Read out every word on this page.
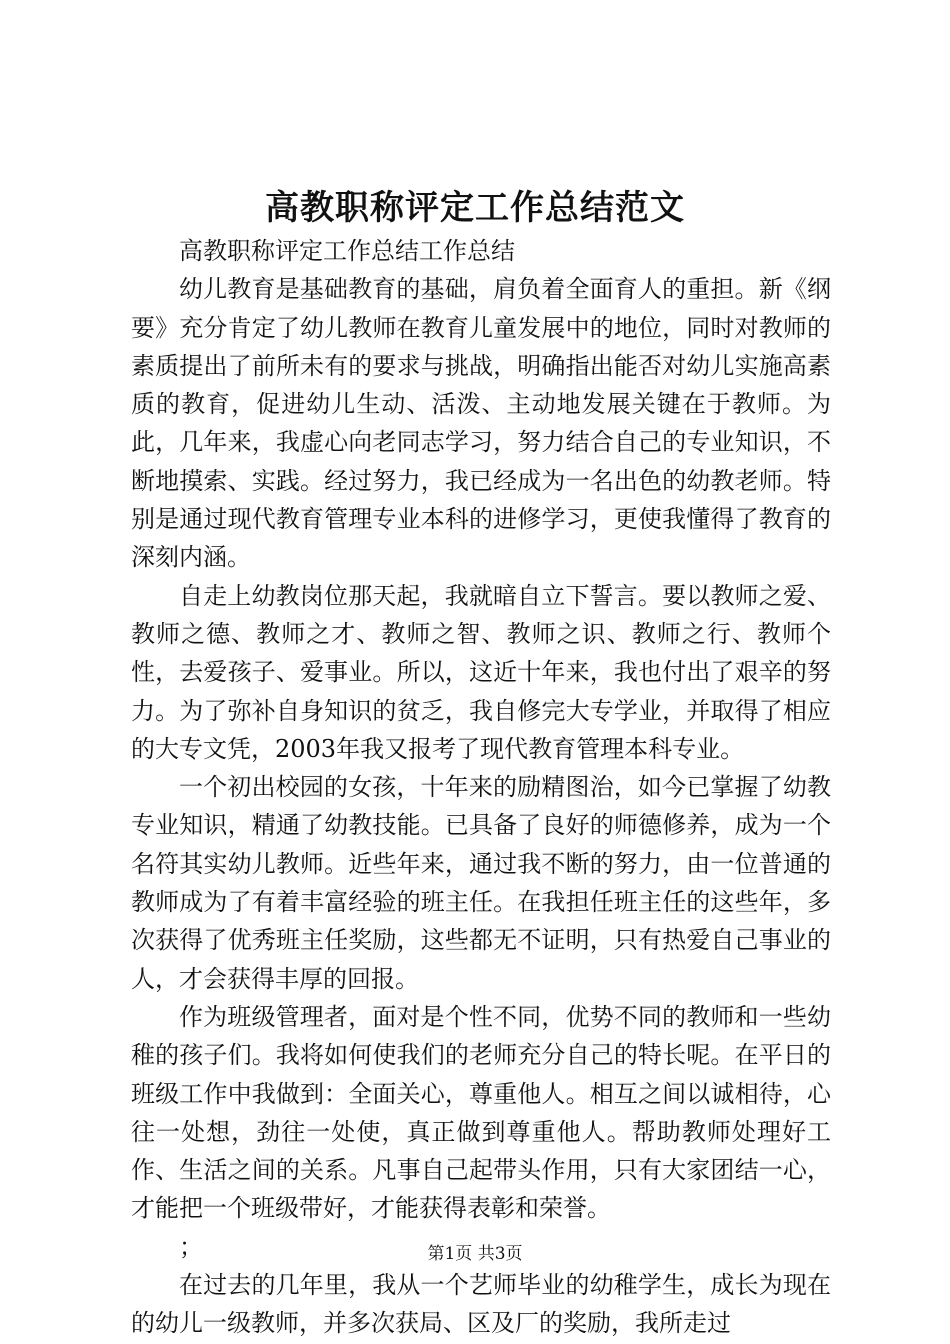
高教职称评定工作总结范文

高教职称评定工作总结工作总结

幼儿教育是基础教育的基础，肩负着全面育人的重担。新《纲要》充分肯定了幼儿教师在教育儿童发展中的地位，同时对教师的素质提出了前所未有的要求与挑战，明确指出能否对幼儿实施高素质的教育，促进幼儿生动、活泼、主动地发展关键在于教师。为此，几年来，我虚心向老同志学习，努力结合自己的专业知识，不断地摸索、实践。经过努力，我已经成为一名出色的幼教老师。特别是通过现代教育管理专业本科的进修学习，更使我懂得了教育的深刻内涵。

自走上幼教岗位那天起，我就暗自立下誓言。要以教师之爱、教师之德、教师之才、教师之智、教师之识、教师之行、教师个性，去爱孩子、爱事业。所以，这近十年来，我也付出了艰辛的努力。为了弥补自身知识的贫乏，我自修完大专学业，并取得了相应的大专文凭，2003年我又报考了现代教育管理本科专业。

一个初出校园的女孩，十年来的励精图治，如今已掌握了幼教专业知识，精通了幼教技能。已具备了良好的师德修养，成为一个名符其实幼儿教师。近些年来，通过我不断的努力，由一位普通的教师成为了有着丰富经验的班主任。在我担任班主任的这些年，多次获得了优秀班主任奖励，这些都无不证明，只有热爱自己事业的人，才会获得丰厚的回报。

作为班级管理者，面对是个性不同，优势不同的教师和一些幼稚的孩子们。我将如何使我们的老师充分自己的特长呢。在平日的班级工作中我做到：全面关心，尊重他人。相互之间以诚相待，心往一处想，劲往一处使，真正做到尊重他人。帮助教师处理好工作、生活之间的关系。凡事自己起带头作用，只有大家团结一心，才能把一个班级带好，才能获得表彰和荣誉。

；

在过去的几年里，我从一个艺师毕业的幼稚学生，成长为现在的幼儿一级教师，并多次获局、区及厂的奖励，我所走过

第1页 共3页
